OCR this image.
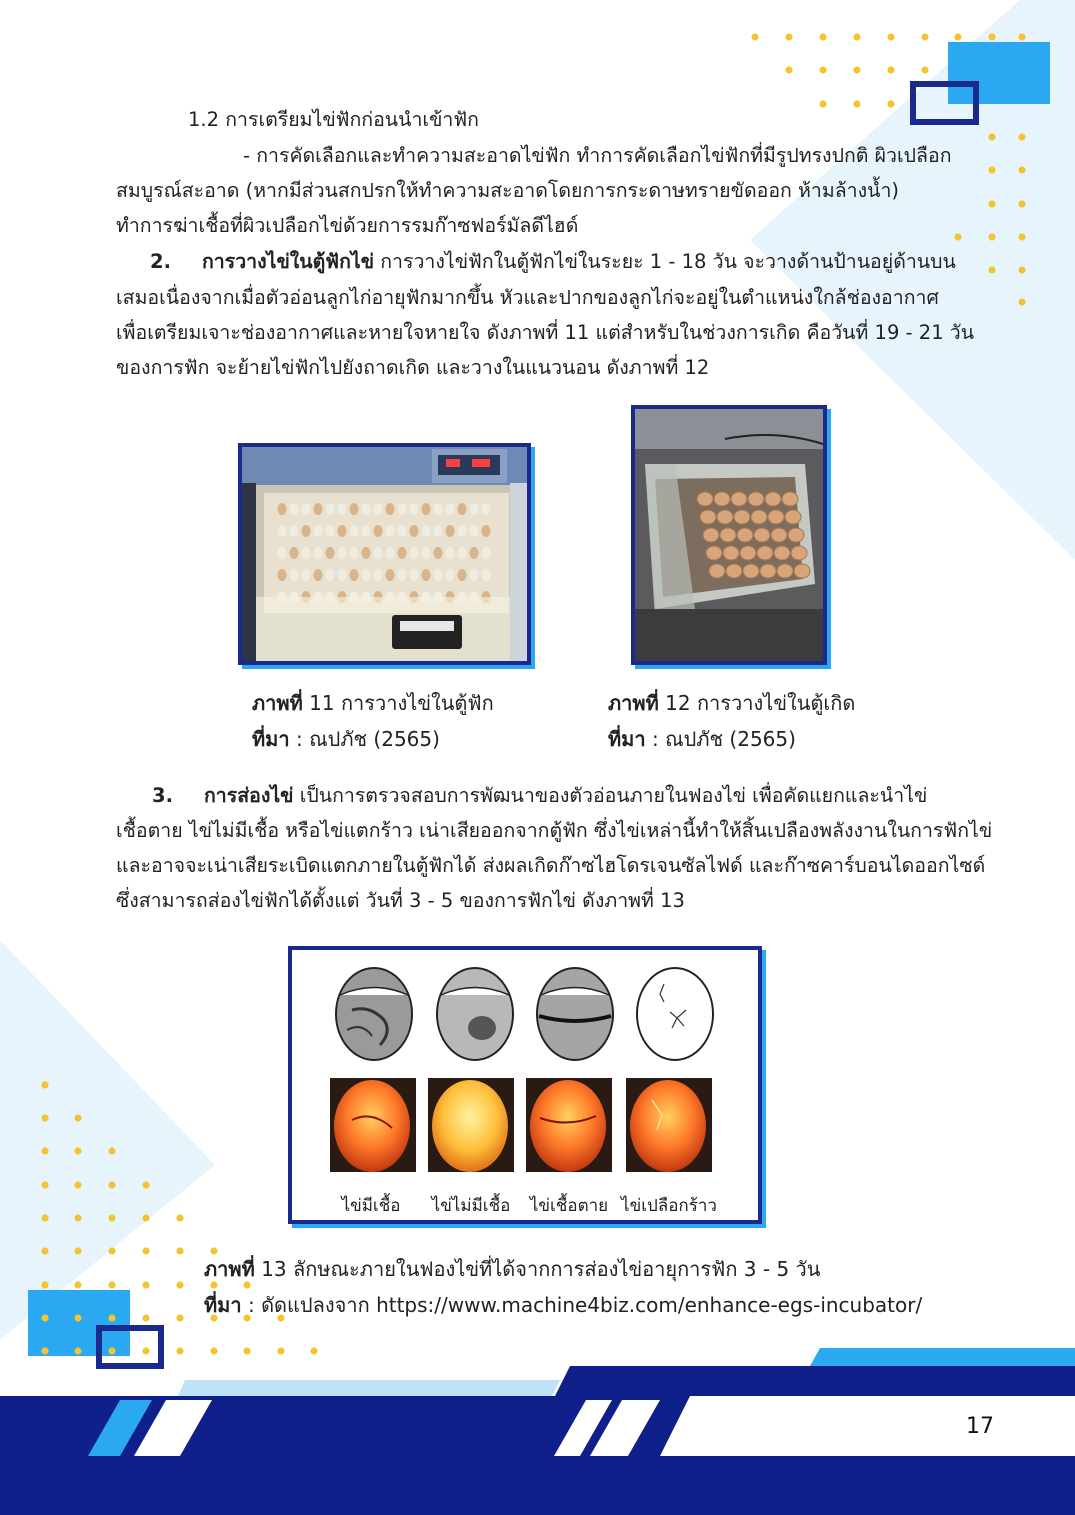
1.2 การเตรียมไข่ฟักก่อนนำเข้าฟัก
- การคัดเลือกและทำความสะอาดไข่ฟัก ทำการคัดเลือกไข่ฟักที่มีรูปทรงปกติ ผิวเปลือก
สมบูรณ์สะอาด (หากมีส่วนสกปรกให้ทำความสะอาดโดยการกระดาษทรายขัดออก ห้ามล้างน้ำ)
ทำการฆ่าเชื้อที่ผิวเปลือกไข่ด้วยการรมก๊าซฟอร์มัลดีไฮด์
2. การวางไข่ในตู้ฟักไข่ การวางไข่ฟักในตู้ฟักไข่ในระยะ 1 - 18 วัน จะวางด้านป้านอยู่ด้านบน
เสมอเนื่องจากเมื่อตัวอ่อนลูกไก่อายุฟักมากขึ้น หัวและปากของลูกไก่จะอยู่ในตำแหน่งใกล้ช่องอากาศ
เพื่อเตรียมเจาะช่องอากาศและหายใจหายใจ ดังภาพที่ 11 แต่สำหรับในช่วงการเกิด คือวันที่ 19 - 21 วัน
ของการฟัก จะย้ายไข่ฟักไปยังถาดเกิด และวางในแนวนอน ดังภาพที่ 12
ภาพที่ 11 การวางไข่ในตู้ฟัก
ที่มา : ณปภัช (2565)
ภาพที่ 12 การวางไข่ในตู้เกิด
ที่มา : ณปภัช (2565)
3. การส่องไข่ เป็นการตรวจสอบการพัฒนาของตัวอ่อนภายในฟองไข่ เพื่อคัดแยกและนำไข่
เชื้อตาย ไข่ไม่มีเชื้อ หรือไข่แตกร้าว เน่าเสียออกจากตู้ฟัก ซึ่งไข่เหล่านี้ทำให้สิ้นเปลืองพลังงานในการฟักไข่
และอาจจะเน่าเสียระเบิดแตกภายในตู้ฟักได้ ส่งผลเกิดก๊าซไฮโดรเจนซัลไฟด์ และก๊าซคาร์บอนไดออกไซด์
ซึ่งสามารถส่องไข่ฟักได้ตั้งแต่ วันที่ 3 - 5 ของการฟักไข่ ดังภาพที่ 13
ไข่มีเชื้อ	ไข่ไม่มีเชื้อ	ไข่เชื้อตาย ไข่เปลือกร้าว
ภาพที่ 13 ลักษณะภายในฟองไข่ที่ได้จากการส่องไข่อายุการฟัก 3 - 5 วัน
ที่มา : ดัดแปลงจาก https://www.machine4biz.com/enhance-egs-incubator/
17
